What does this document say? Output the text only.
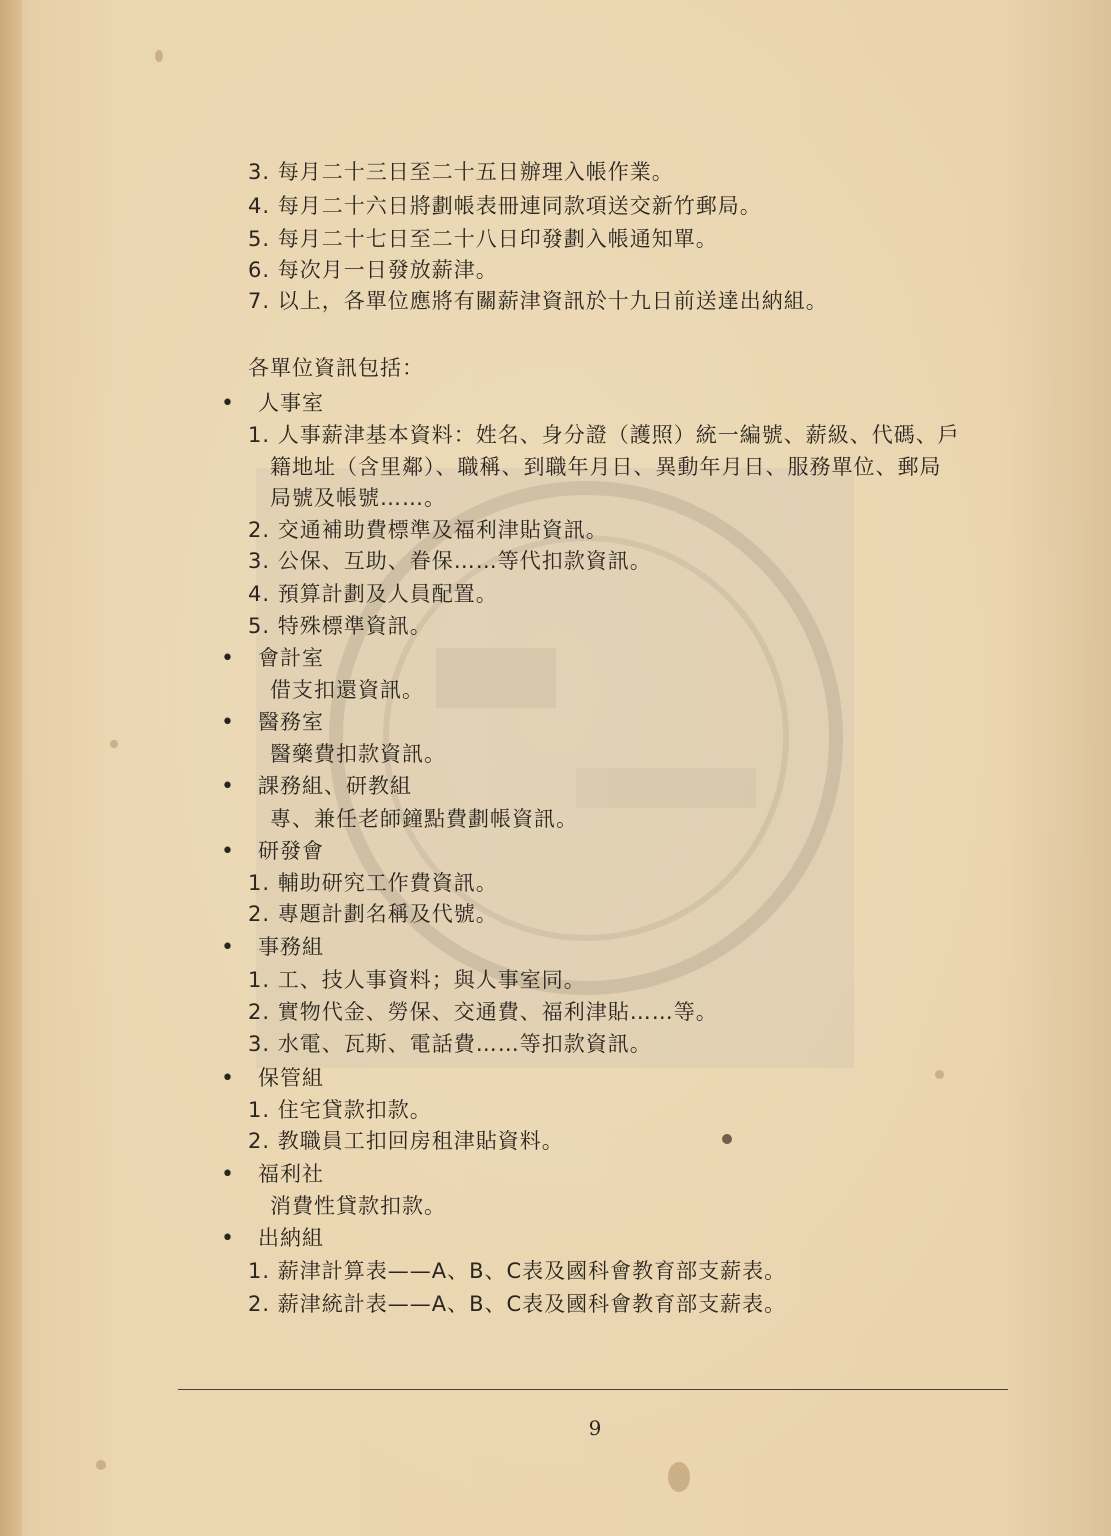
3. 每月二十三日至二十五日辦理入帳作業。
4. 每月二十六日將劃帳表冊連同款項送交新竹郵局。
5. 每月二十七日至二十八日印發劃入帳通知單。
6. 每次月一日發放薪津。
7. 以上，各單位應將有關薪津資訊於十九日前送達出納組。
各單位資訊包括：
• 人事室
1. 人事薪津基本資料：姓名、身分證（護照）統一編號、薪級、代碼、戶
籍地址（含里鄰）、職稱、到職年月日、異動年月日、服務單位、郵局
局號及帳號……。
2. 交通補助費標準及福利津貼資訊。
3. 公保、互助、眷保……等代扣款資訊。
4. 預算計劃及人員配置。
5. 特殊標準資訊。
• 會計室
借支扣還資訊。
• 醫務室
醫藥費扣款資訊。
• 課務組、研教組
專、兼任老師鐘點費劃帳資訊。
• 研發會
1. 輔助研究工作費資訊。
2. 專題計劃名稱及代號。
• 事務組
1. 工、技人事資料；與人事室同。
2. 實物代金、勞保、交通費、福利津貼……等。
3. 水電、瓦斯、電話費……等扣款資訊。
• 保管組
1. 住宅貸款扣款。
2. 教職員工扣回房租津貼資料。
• 福利社
消費性貸款扣款。
• 出納組
1. 薪津計算表——A、B、C表及國科會教育部支薪表。
2. 薪津統計表——A、B、C表及國科會教育部支薪表。
9
